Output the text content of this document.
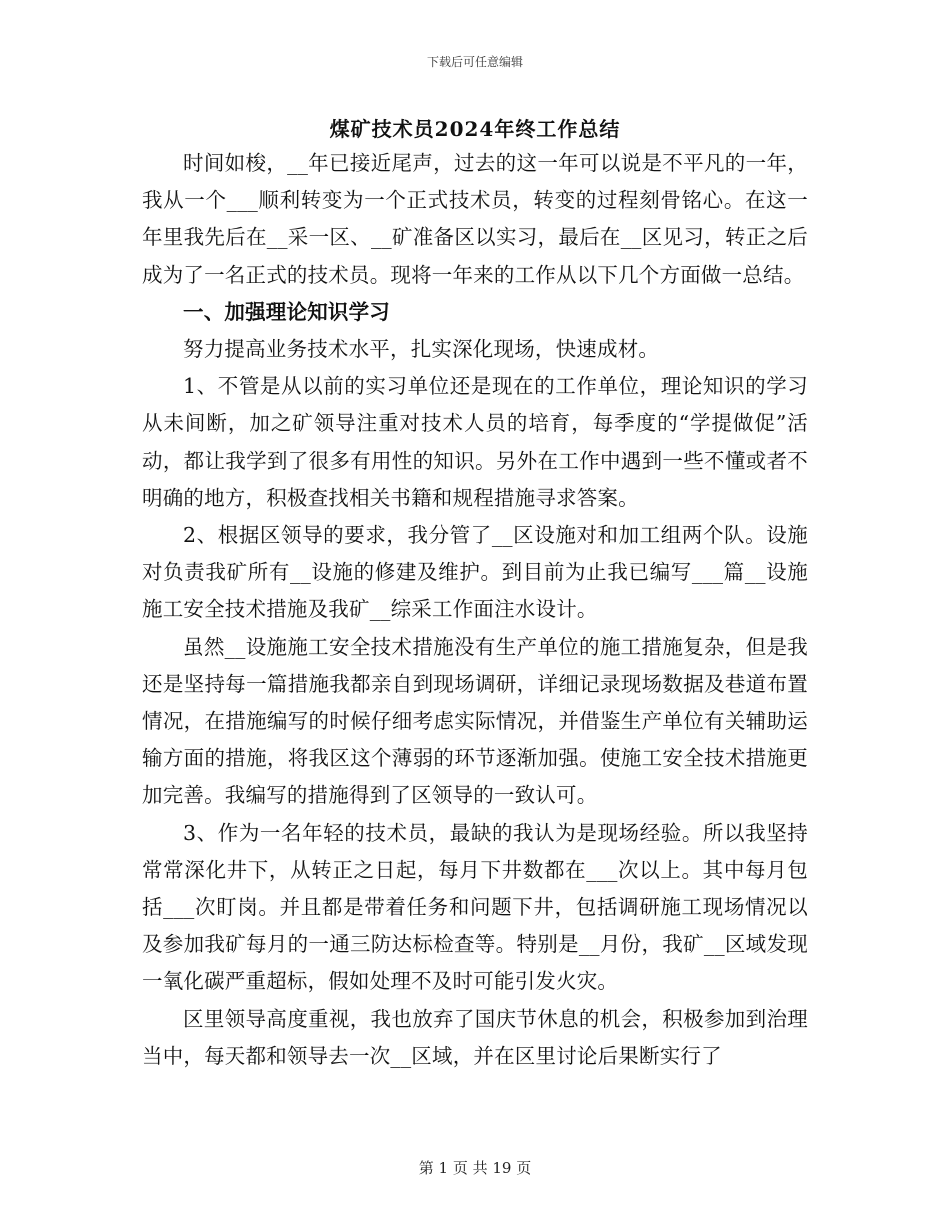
下载后可任意编辑
煤矿技术员2024年终工作总结

时间如梭，__年已接近尾声，过去的这一年可以说是不平凡的一年，我从一个___顺利转变为一个正式技术员，转变的过程刻骨铭心。在这一年里我先后在__采一区、__矿准备区以实习，最后在__区见习，转正之后成为了一名正式的技术员。现将一年来的工作从以下几个方面做一总结。

一、加强理论知识学习

努力提高业务技术水平，扎实深化现场，快速成材。

1、不管是从以前的实习单位还是现在的工作单位，理论知识的学习从未间断，加之矿领导注重对技术人员的培育，每季度的“学提做促”活动，都让我学到了很多有用性的知识。另外在工作中遇到一些不懂或者不明确的地方，积极查找相关书籍和规程措施寻求答案。

2、根据区领导的要求，我分管了__区设施对和加工组两个队。设施对负责我矿所有__设施的修建及维护。到目前为止我已编写___篇__设施施工安全技术措施及我矿__综采工作面注水设计。

虽然__设施施工安全技术措施没有生产单位的施工措施复杂，但是我还是坚持每一篇措施我都亲自到现场调研，详细记录现场数据及巷道布置情况，在措施编写的时候仔细考虑实际情况，并借鉴生产单位有关辅助运输方面的措施，将我区这个薄弱的环节逐渐加强。使施工安全技术措施更加完善。我编写的措施得到了区领导的一致认可。

3、作为一名年轻的技术员，最缺的我认为是现场经验。所以我坚持常常深化井下，从转正之日起，每月下井数都在___次以上。其中每月包括___次盯岗。并且都是带着任务和问题下井，包括调研施工现场情况以及参加我矿每月的一通三防达标检查等。特别是__月份，我矿__区域发现一氧化碳严重超标，假如处理不及时可能引发火灾。

区里领导高度重视，我也放弃了国庆节休息的机会，积极参加到治理当中，每天都和领导去一次__区域，并在区里讨论后果断实行了

第 1 页 共 19 页
